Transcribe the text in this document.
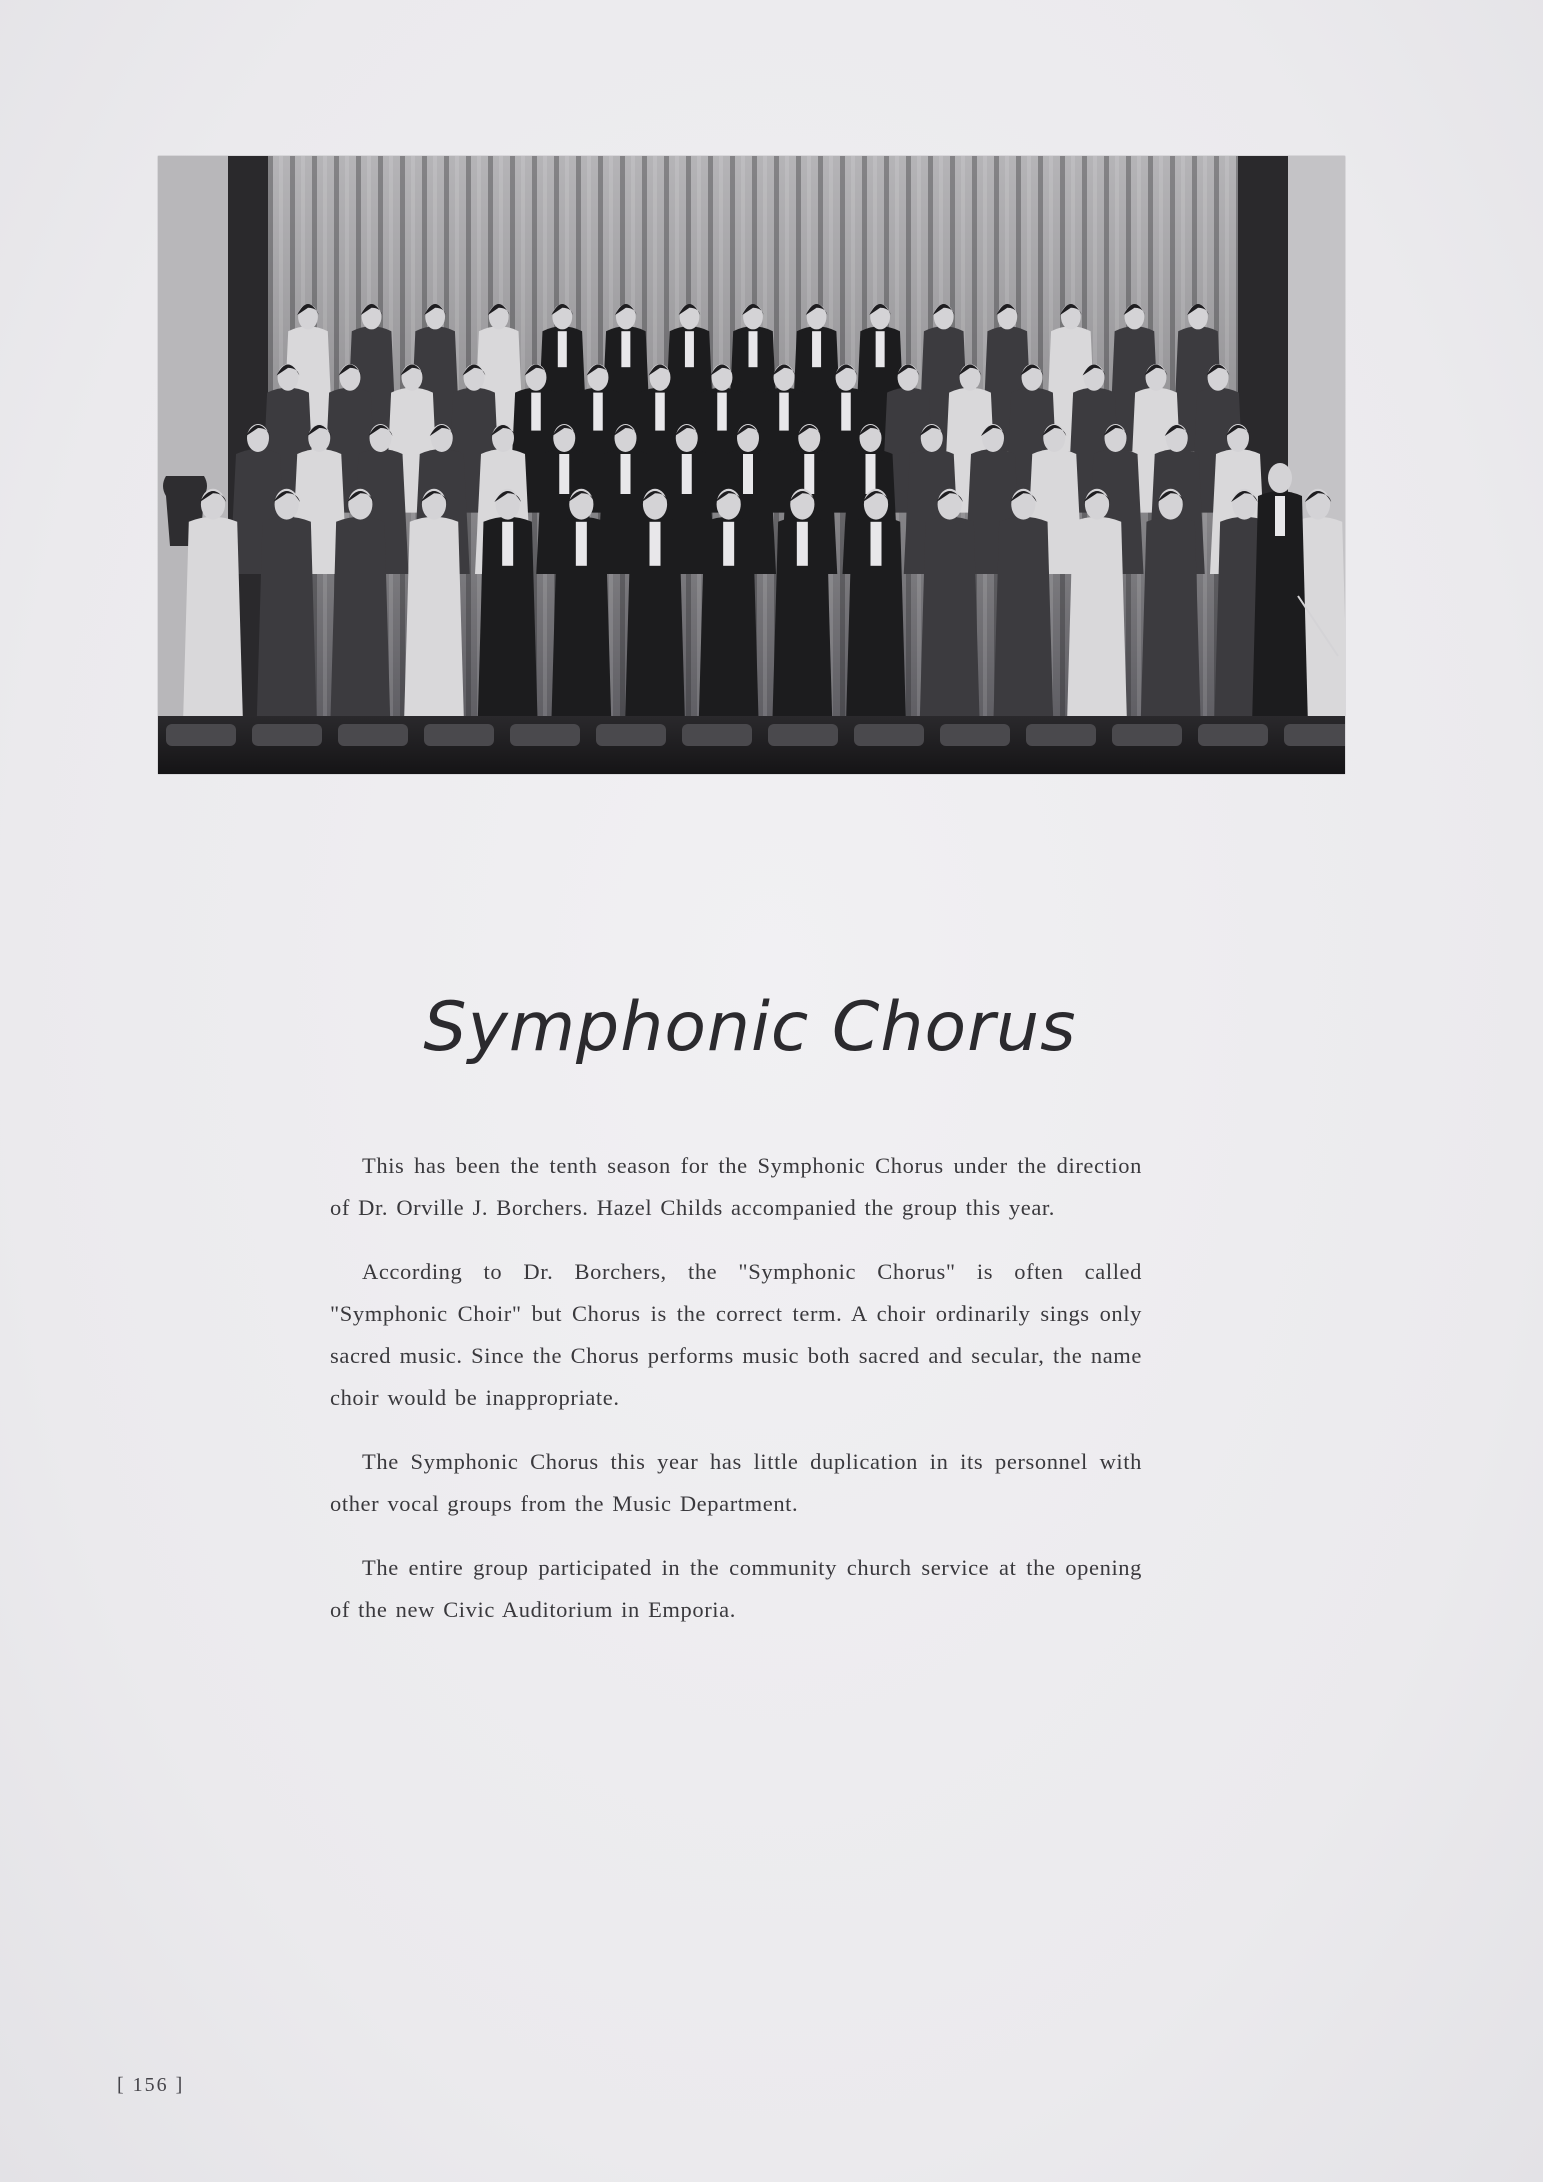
Symphonic Chorus

This has been the tenth season for the Symphonic Chorus under the direction of Dr. Orville J. Borchers. Hazel Childs accompanied the group this year.

According to Dr. Borchers, the "Symphonic Chorus" is often called "Symphonic Choir" but Chorus is the correct term. A choir ordinarily sings only sacred music. Since the Chorus performs music both sacred and secular, the name choir would be inappropriate.

The Symphonic Chorus this year has little duplication in its personnel with other vocal groups from the Music Department.

The entire group participated in the community church service at the opening of the new Civic Auditorium in Emporia.

[ 156 ]
